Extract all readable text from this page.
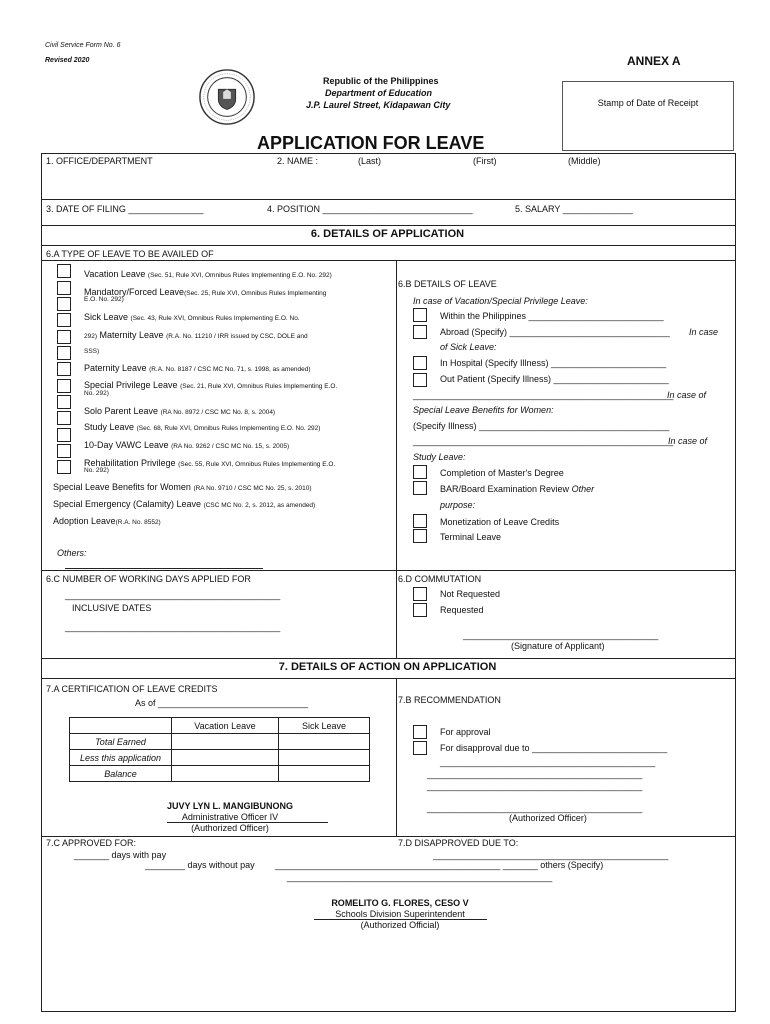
Civil Service Form No. 6
Revised 2020	ANNEX A
Republic of the Philippines
Department of Education
J.P. Laurel Street, Kidapawan City	Stamp of Date of Receipt
APPLICATION FOR LEAVE
1. OFFICE/DEPARTMENT	2. NAME :	(Last)	(First)	(Middle)
3. DATE OF FILING _______________	4. POSITION ______________________________	5. SALARY ______________
6. DETAILS OF APPLICATION
6.A TYPE OF LEAVE TO BE AVAILED OF
Vacation Leave (Sec. 51, Rule XVI, Omnibus Rules Implementing E.O. No. 292)
Mandatory/Forced Leave(Sec. 25, Rule XVI, Omnibus Rules Implementing
E.O. No. 292)
Sick Leave (Sec. 43, Rule XVI, Omnibus Rules Implementing E.O. No.
292) Maternity Leave (R.A. No. 11210 / IRR issued by CSC, DOLE and
SSS)
Paternity Leave (R.A. No. 8187 / CSC MC No. 71, s. 1998, as amended)
Special Privilege Leave (Sec. 21, Rule XVI, Omnibus Rules Implementing E.O.
No. 292)
Solo Parent Leave (RA No. 8972 / CSC MC No. 8, s. 2004)
Study Leave (Sec. 68, Rule XVI, Omnibus Rules Implementing E.O. No. 292)
10-Day VAWC Leave (RA No. 9262 / CSC MC No. 15, s. 2005)
Rehabilitation Privilege (Sec. 55, Rule XVI, Omnibus Rules Implementing E.O.
No. 292)
Special Leave Benefits for Women (RA No. 9710 / CSC MC No. 25, s. 2010)
Special Emergency (Calamity) Leave (CSC MC No. 2, s. 2012, as amended)
Adoption Leave(R.A. No. 8552)
Others:
6.B DETAILS OF LEAVE
In case of Vacation/Special Privilege Leave:
Within the Philippines ___________________________
Abroad (Specify) ________________________________ In case
of Sick Leave:
In Hospital (Specify Illness) _______________________
Out Patient (Specify Illness) _______________________
____________________________________________________
In case of
Special Leave Benefits for Women:
(Specify Illness) ______________________________________
____________________________________________________
In case of
Study Leave:
Completion of Master's Degree
BAR/Board Examination Review Other
purpose:
Monetization of Leave Credits
Terminal Leave
6.C NUMBER OF WORKING DAYS APPLIED FOR
___________________________________________
INCLUSIVE DATES
___________________________________________
6.D COMMUTATION
Not Requested
Requested
_______________________________________
(Signature of Applicant)
7. DETAILS OF ACTION ON APPLICATION
7.A CERTIFICATION OF LEAVE CREDITS
As of ______________________________
	Vacation Leave	Sick Leave
Total Earned		
Less this application		
Balance		
JUVY LYN L. MANGIBUNONG
Administrative Officer IV
(Authorized Officer)
7.B RECOMMENDATION
For approval
For disapproval due to ___________________________
___________________________________________
___________________________________________
___________________________________________
___________________________________________
(Authorized Officer)
7.C APPROVED FOR:
_______ days with pay
________ days without pay _____________________________________________ _______ others (Specify)
7.D DISAPPROVED DUE TO:
_______________________________________________
_____________________________________________________
ROMELITO G. FLORES, CESO V
Schools Division Superintendent
(Authorized Official)
